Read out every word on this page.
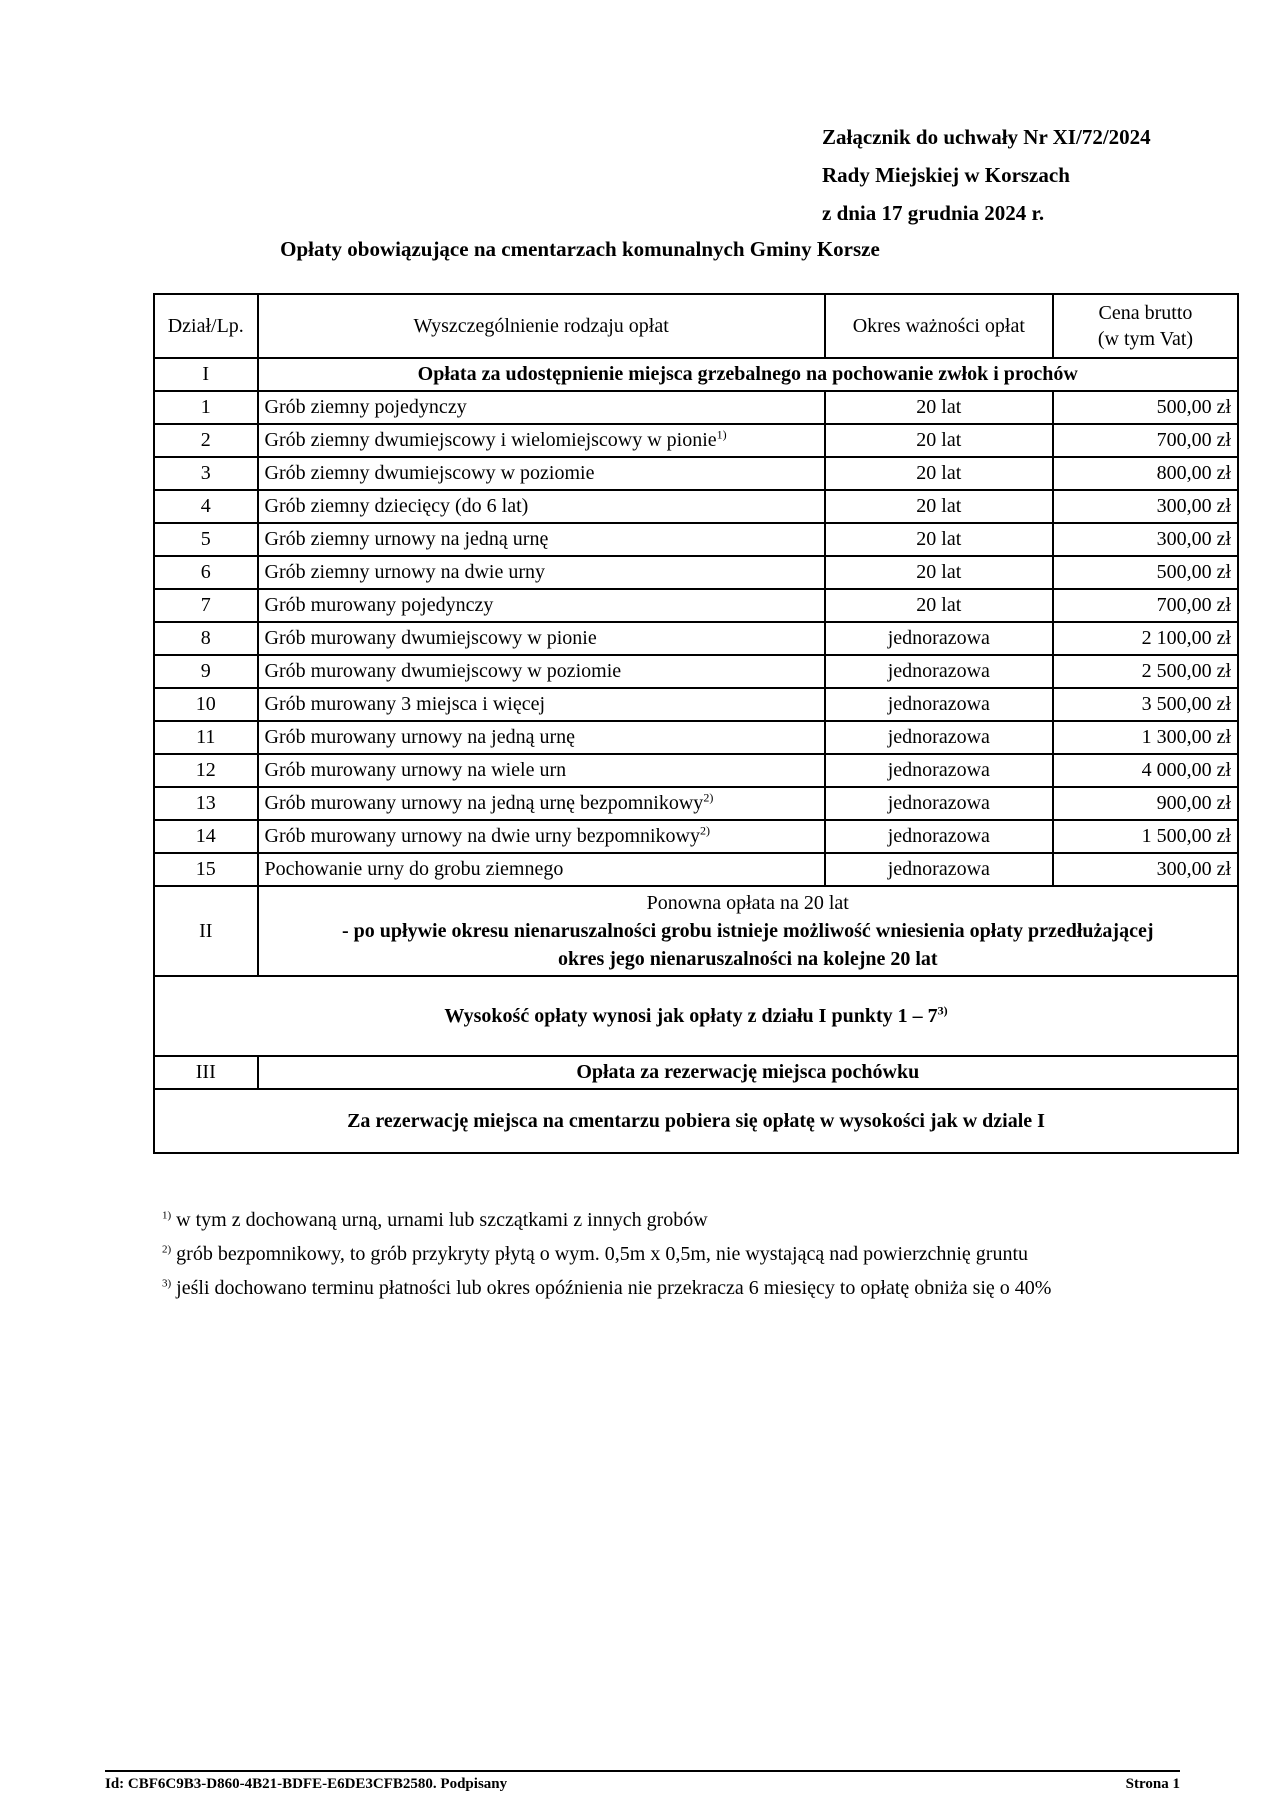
Załącznik do uchwały Nr XI/72/2024
Rady Miejskiej w Korszach
z dnia 17 grudnia 2024 r.
Opłaty obowiązujące na cmentarzach komunalnych Gminy Korsze
Dział/Lp.	Wyszczególnienie rodzaju opłat	Okres ważności opłat	Cena brutto
(w tym Vat)

I	Opłata za udostępnienie miejsca grzebalnego na pochowanie zwłok i prochów		
1	Grób ziemny pojedynczy	20 lat	500,00 zł
2	Grób ziemny dwumiejscowy i wielomiejscowy w pionie$^{1)}$	20 lat	700,00 zł
3	Grób ziemny dwumiejscowy w poziomie	20 lat	800,00 zł
4	Grób ziemny dziecięcy (do 6 lat)	20 lat	300,00 zł
5	Grób ziemny urnowy na jedną urnę	20 lat	300,00 zł
6	Grób ziemny urnowy na dwie urny	20 lat	500,00 zł
7	Grób murowany pojedynczy	20 lat	700,00 zł
8	Grób murowany dwumiejscowy w pionie	jednorazowa	2 100,00 zł
9	Grób murowany dwumiejscowy w poziomie	jednorazowa	2 500,00 zł
10	Grób murowany 3 miejsca i więcej	jednorazowa	3 500,00 zł
11	Grób murowany urnowy na jedną urnę	jednorazowa	1 300,00 zł
12	Grób murowany urnowy na wiele urn	jednorazowa	4 000,00 zł
13	Grób murowany urnowy na jedną urnę bezpomnikowy$^{2)}$	jednorazowa	900,00 zł
14	Grób murowany urnowy na dwie urny bezpomnikowy$^{2)}$	jednorazowa	1 500,00 zł
15	Pochowanie urny do grobu ziemnego	jednorazowa	300,00 zł
II	Ponowna opłata na 20 lat
- po upływie okresu nienaruszalności grobu istnieje możliwość wniesienia opłaty przedłużającej
okres jego nienaruszalności na kolejne 20 lat		

Wysokość opłaty wynosi jak opłaty z działu I punkty 1 – 7$^{3)}$
III	Opłata za rezerwację miejsca pochówku		
Za rezerwację miejsca na cmentarzu pobiera się opłatę w wysokości jak w dziale I			
$^{1)}$ w tym z dochowaną urną, urnami lub szczątkami z innych grobów
$^{2)}$ grób bezpomnikowy, to grób przykryty płytą o wym. 0,5m x 0,5m, nie wystającą nad powierzchnię gruntu
$^{3)}$ jeśli dochowano terminu płatności lub okres opóźnienia nie przekracza 6 miesięcy to opłatę obniża się o 40%
Id: CBF6C9B3-D860-4B21-BDFE-E6DE3CFB2580. Podpisany	Strona 1
